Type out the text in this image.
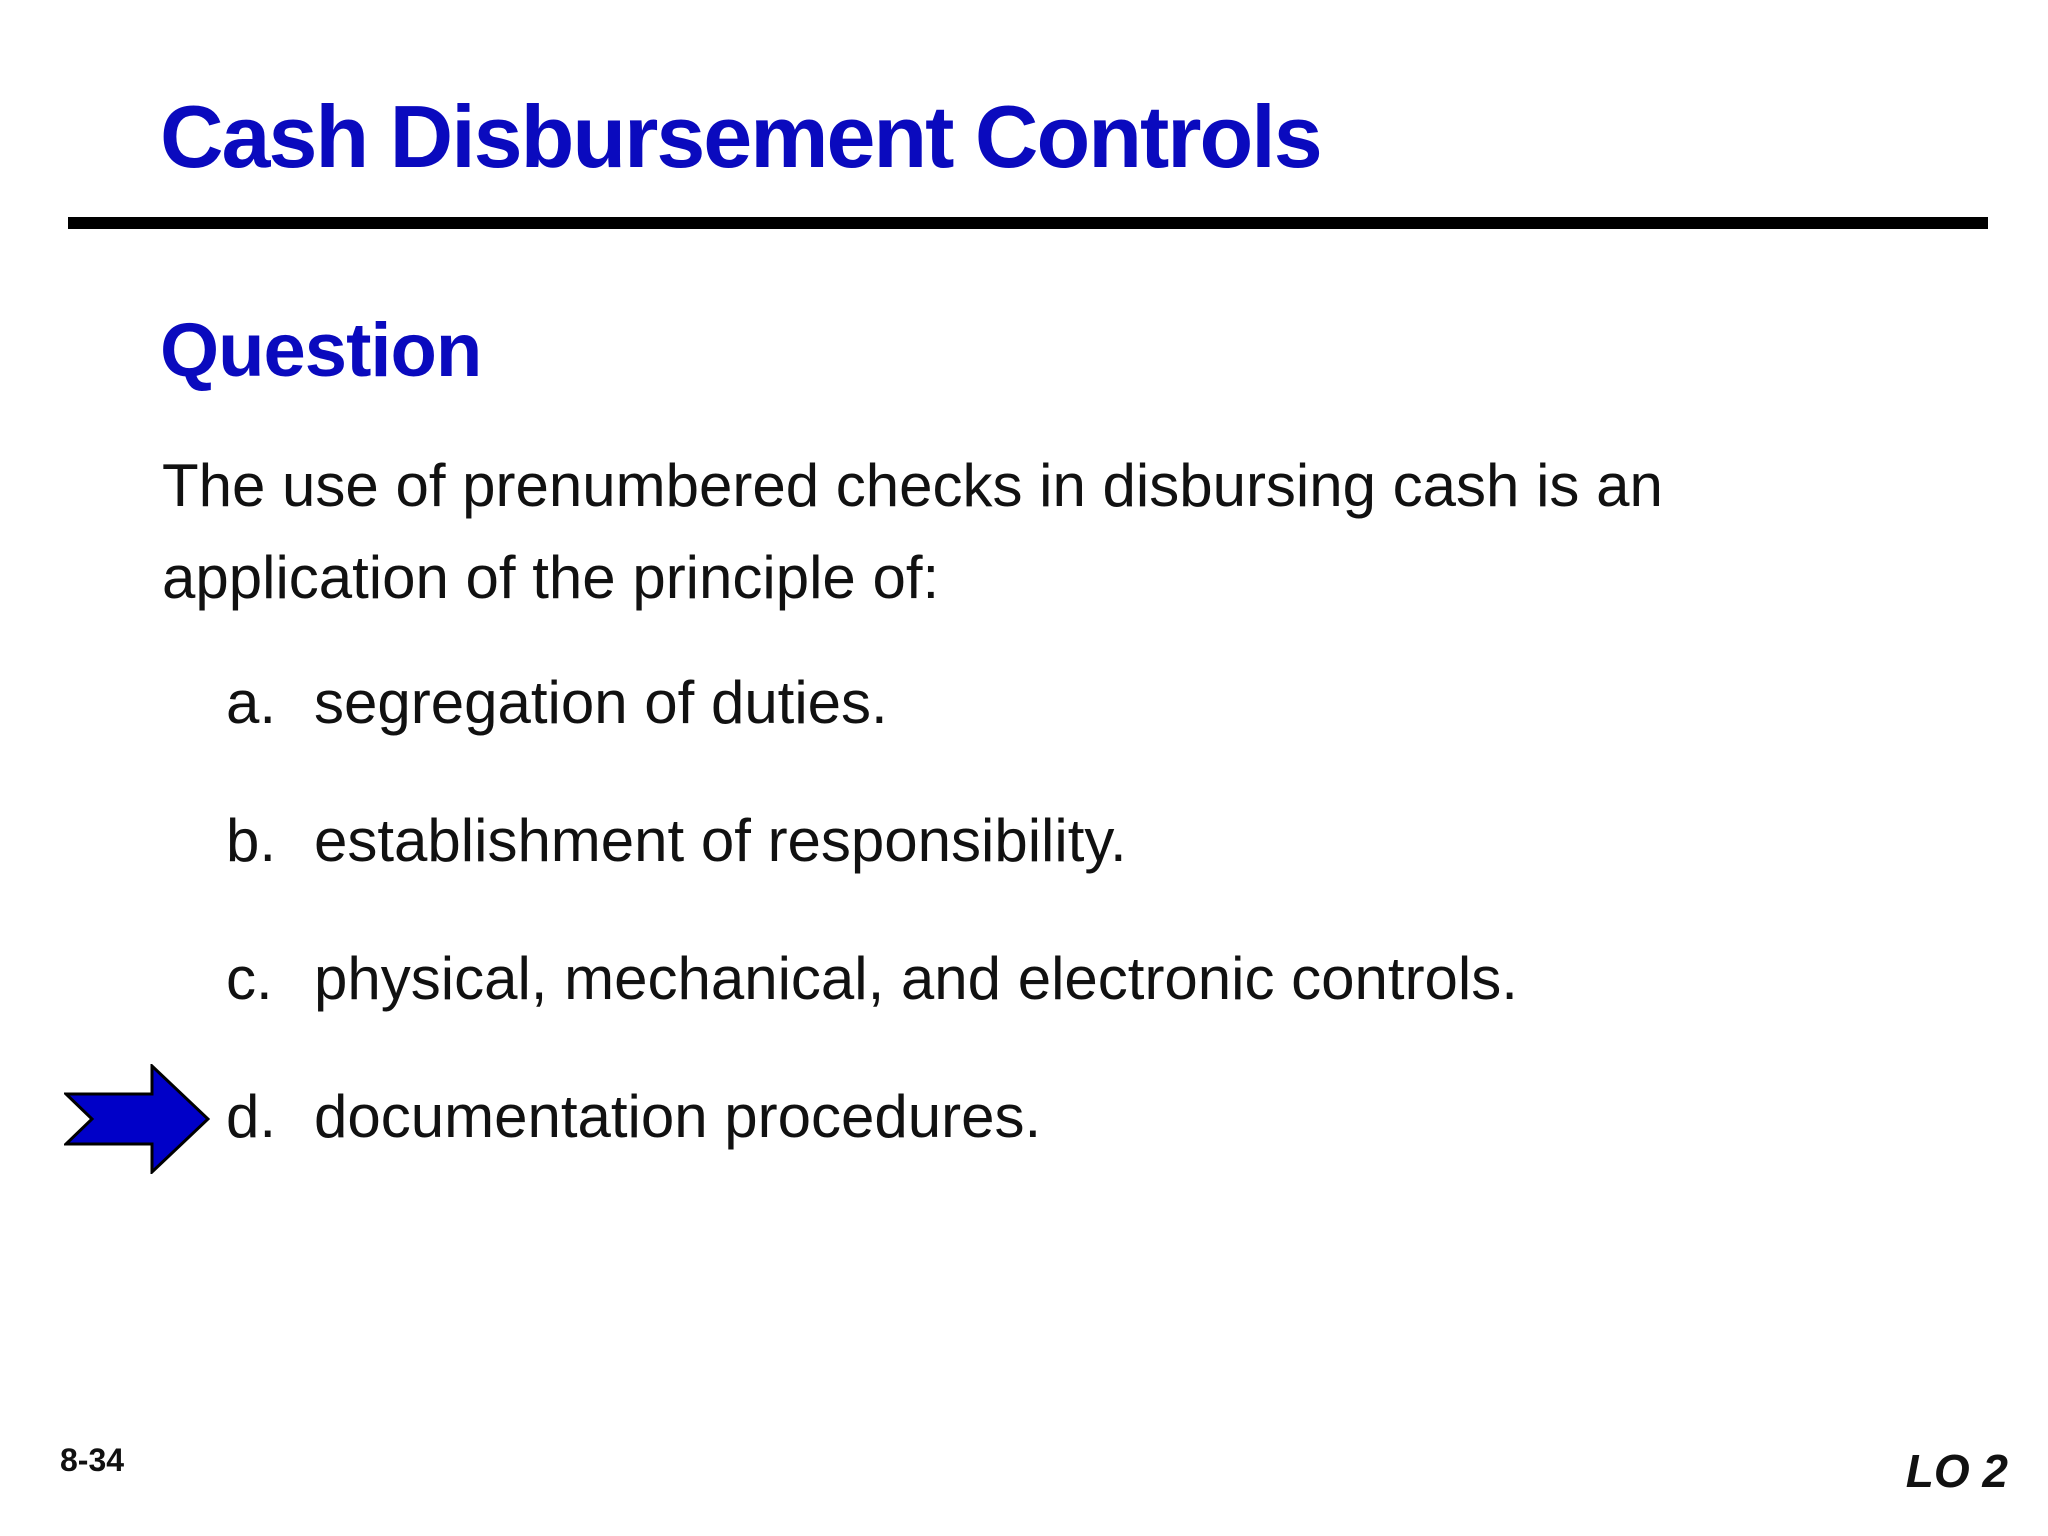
Cash Disbursement Controls
Question

The use of prenumbered checks in disbursing cash is an application of the principle of:

a. segregation of duties.
b. establishment of responsibility.
c. physical, mechanical, and electronic controls.
d. documentation procedures.
8-34	LO 2
